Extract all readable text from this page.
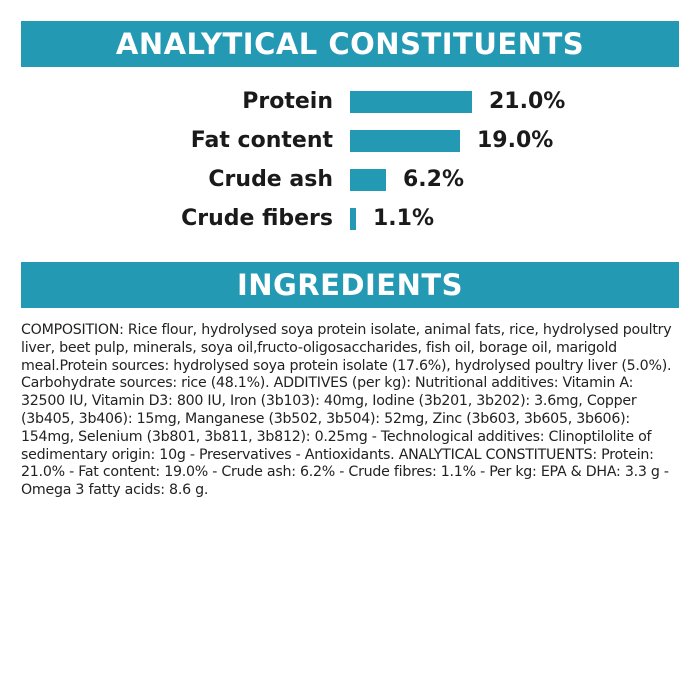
ANALYTICAL CONSTITUENTS
Protein	21.0%
Fat content	19.0%
Crude ash	6.2%
Crude fibers 1.1%
INGREDIENTS
COMPOSITION: Rice flour, hydrolysed soya protein isolate, animal fats, rice, hydrolysed poultry liver, beet pulp, minerals, soya oil,fructo-oligosaccharides, fish oil, borage oil, marigold meal.Protein sources: hydrolysed soya protein isolate (17.6%), hydrolysed poultry liver (5.0%). Carbohydrate sources: rice (48.1%). ADDITIVES (per kg): Nutritional additives: Vitamin A: 32500 IU, Vitamin D3: 800 IU, Iron (3b103): 40mg, Iodine (3b201, 3b202): 3.6mg, Copper (3b405, 3b406): 15mg, Manganese (3b502, 3b504): 52mg, Zinc (3b603, 3b605, 3b606): 154mg, Selenium (3b801, 3b811, 3b812): 0.25mg - Technological additives: Clinoptilolite of sedimentary origin: 10g - Preservatives - Antioxidants. ANALYTICAL CONSTITUENTS: Protein: 21.0% - Fat content: 19.0% - Crude ash: 6.2% - Crude fibres: 1.1% - Per kg: EPA & DHA: 3.3 g - Omega 3 fatty acids: 8.6 g.
